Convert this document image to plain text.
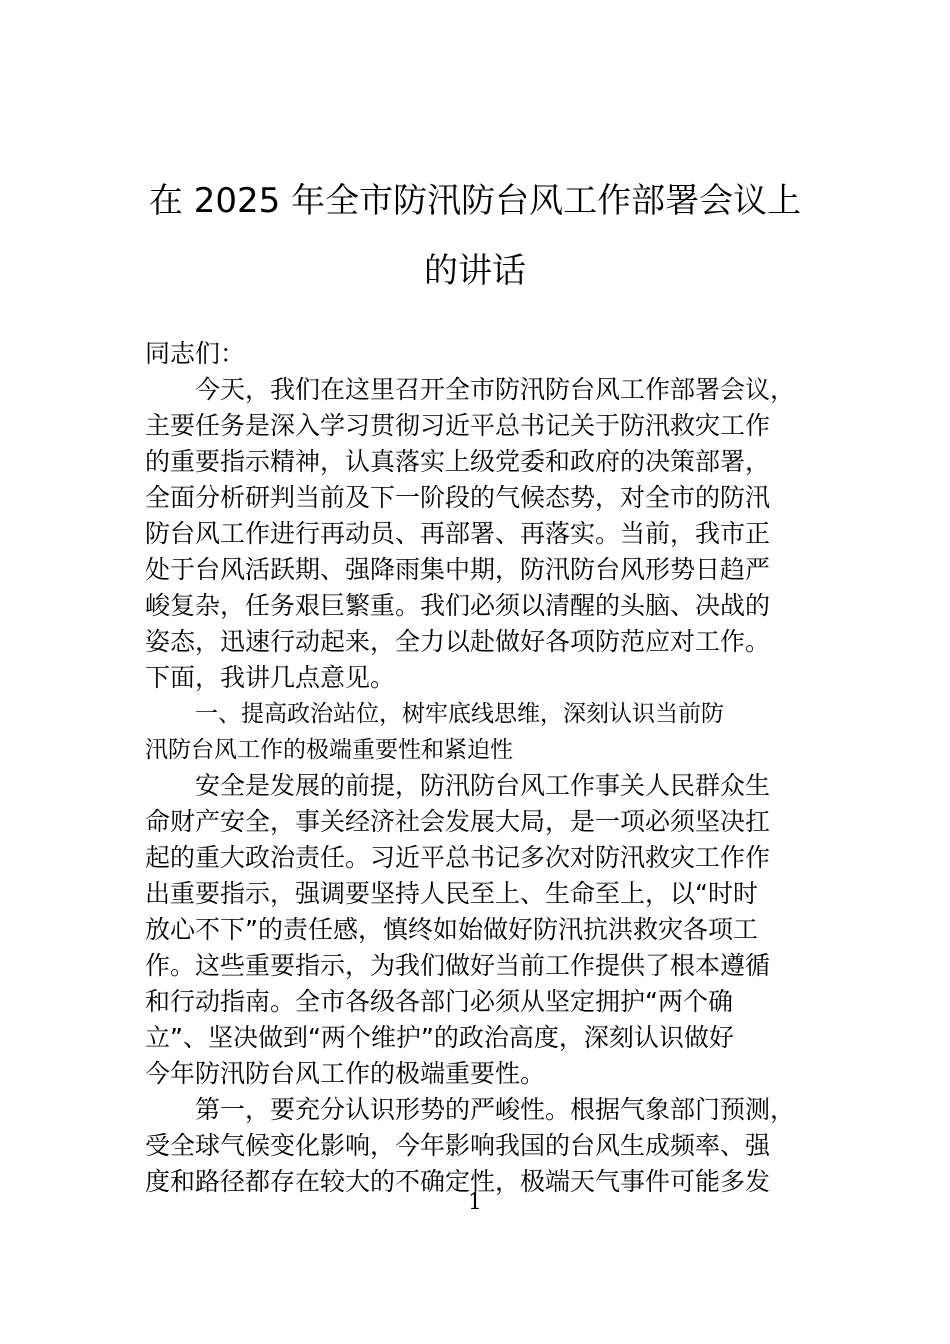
在 2025 年全市防汛防台风工作部署会议上
的讲话
同志们：
今天，我们在这里召开全市防汛防台风工作部署会议，
主要任务是深入学习贯彻习近平总书记关于防汛救灾工作
的重要指示精神，认真落实上级党委和政府的决策部署，
全面分析研判当前及下一阶段的气候态势，对全市的防汛
防台风工作进行再动员、再部署、再落实。当前，我市正
处于台风活跃期、强降雨集中期，防汛防台风形势日趋严
峻复杂，任务艰巨繁重。我们必须以清醒的头脑、决战的
姿态，迅速行动起来，全力以赴做好各项防范应对工作。
下面，我讲几点意见。
一、提高政治站位，树牢底线思维，深刻认识当前防
汛防台风工作的极端重要性和紧迫性
安全是发展的前提，防汛防台风工作事关人民群众生
命财产安全，事关经济社会发展大局，是一项必须坚决扛
起的重大政治责任。习近平总书记多次对防汛救灾工作作
出重要指示，强调要坚持人民至上、生命至上，以“时时
放心不下”的责任感，慎终如始做好防汛抗洪救灾各项工
作。这些重要指示，为我们做好当前工作提供了根本遵循
和行动指南。全市各级各部门必须从坚定拥护“两个确
立”、坚决做到“两个维护”的政治高度，深刻认识做好
今年防汛防台风工作的极端重要性。
第一，要充分认识形势的严峻性。根据气象部门预测，
受全球气候变化影响，今年影响我国的台风生成频率、强
度和路径都存在较大的不确定性，极端天气事件可能多发
1
